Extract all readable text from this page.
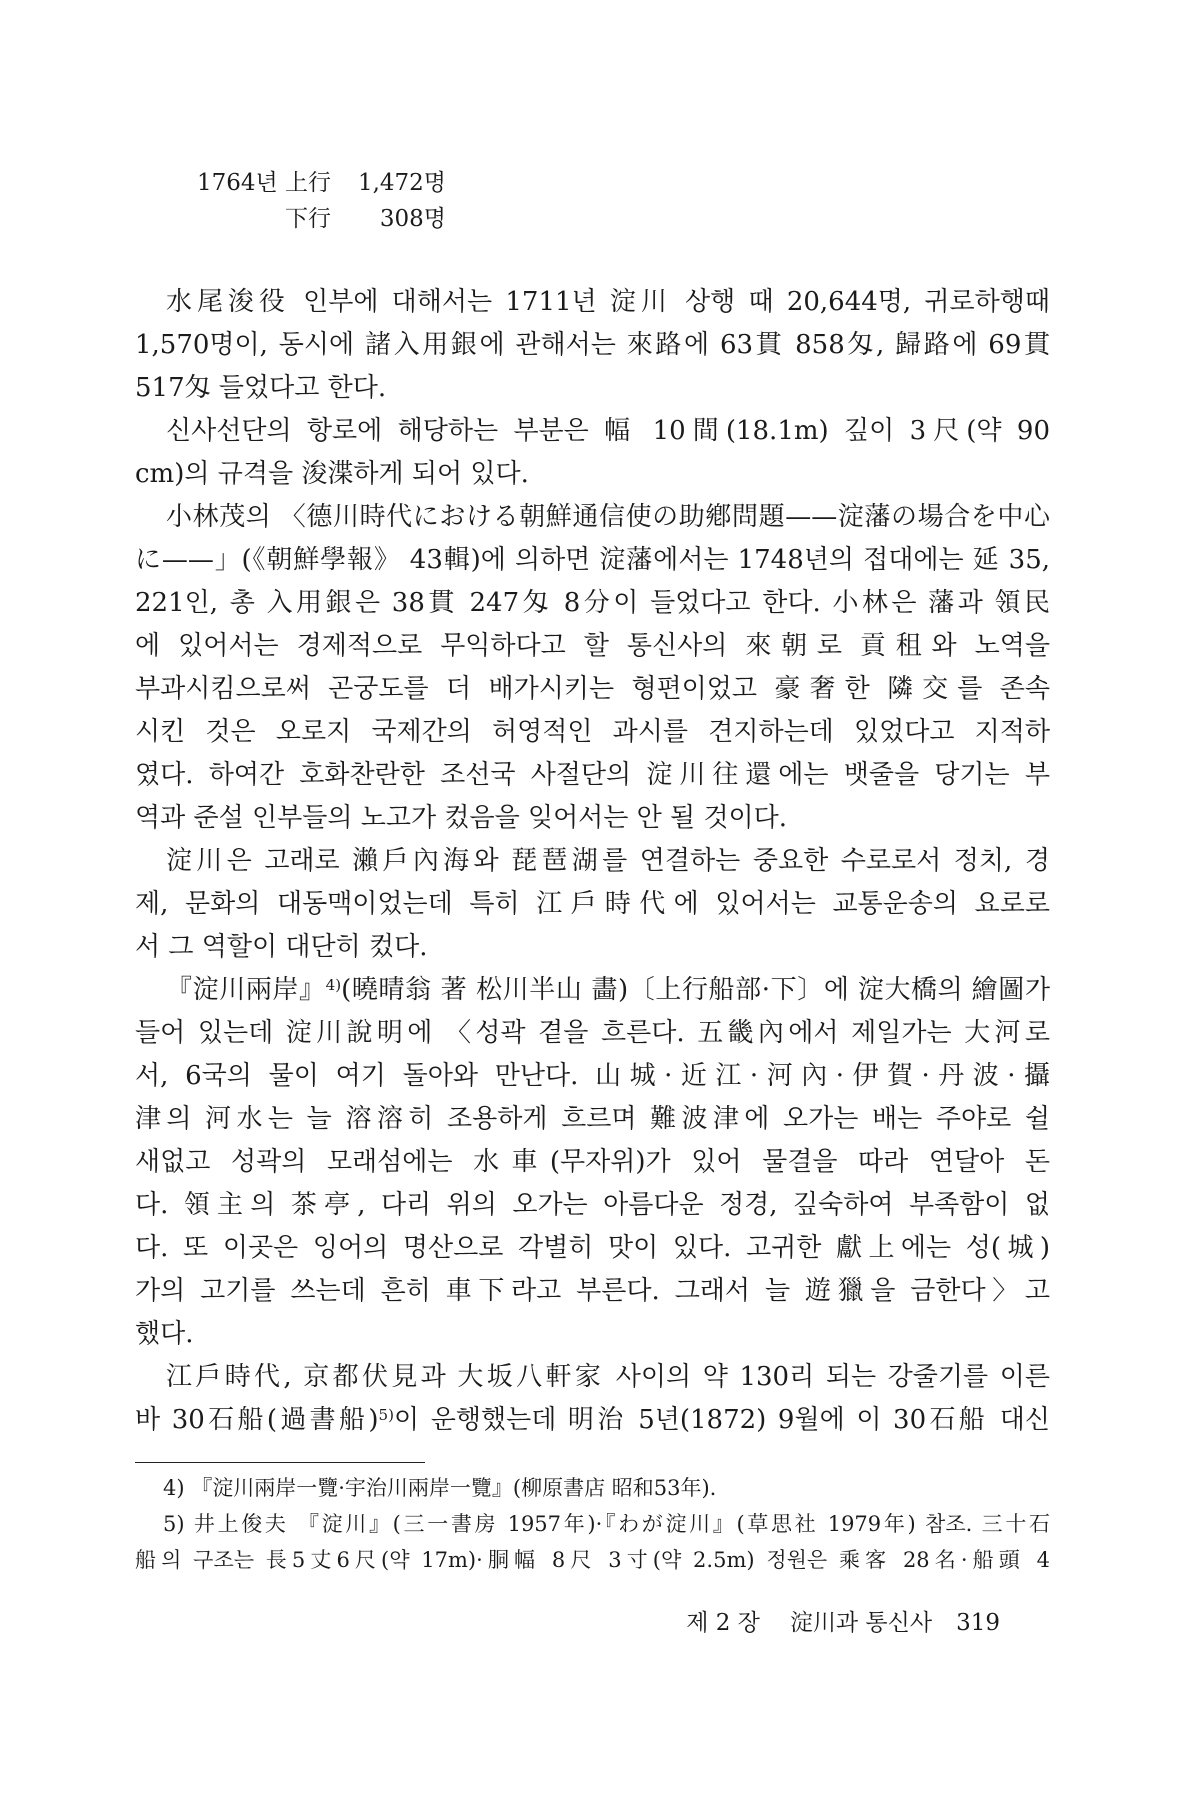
1764년 上行	1,472명
下行	308명
水尾浚役 인부에 대해서는 1711년 淀川 상행 때 20,644명, 귀로하행때
1,570명이, 동시에 諸入用銀에 관해서는 來路에 63貫 858匁, 歸路에 69貫
517匁 들었다고 한다.
신사선단의 항로에 해당하는 부분은 幅 10間(18.1m) 깊이 3尺(약 90
cm)의 규격을 浚渫하게 되어 있다.
小林茂의 〈德川時代における朝鮮通信使の助鄕問題——淀藩の場合を中心
に——」(《朝鮮學報》 43輯)에 의하면 淀藩에서는 1748년의 접대에는 延 35,
221인, 총 入用銀은 38貫 247匁 8分이 들었다고 한다. 小林은 藩과 領民
에 있어서는 경제적으로 무익하다고 할 통신사의 來朝로 貢租와 노역을
부과시킴으로써 곤궁도를 더 배가시키는 형편이었고 豪奢한 隣交를 존속
시킨 것은 오로지 국제간의 허영적인 과시를 견지하는데 있었다고 지적하
였다. 하여간 호화찬란한 조선국 사절단의 淀川往還에는 뱃줄을 당기는 부
역과 준설 인부들의 노고가 컸음을 잊어서는 안 될 것이다.
淀川은 고래로 瀨戶內海와 琵琶湖를 연결하는 중요한 수로로서 정치, 경
제, 문화의 대동맥이었는데 특히 江戶時代에 있어서는 교통운송의 요로로
서 그 역할이 대단히 컸다.
『淀川兩岸』$^{4)}$(曉晴翁 著 松川半山 畵)〔上行船部·下〕에 淀大橋의 繪圖가
들어 있는데 淀川說明에 〈성곽 곁을 흐른다. 五畿內에서 제일가는 大河로
서, 6국의 물이 여기 돌아와 만난다. 山城·近江·河內·伊賀·丹波·攝
津의 河水는 늘 溶溶히 조용하게 흐르며 難波津에 오가는 배는 주야로 쉴
새없고 성곽의 모래섬에는 水車(무자위)가 있어 물결을 따라 연달아 돈
다. 領主의 茶亭, 다리 위의 오가는 아름다운 정경, 깊숙하여 부족함이 없
다. 또 이곳은 잉어의 명산으로 각별히 맛이 있다. 고귀한 獻上에는 성(城)
가의 고기를 쓰는데 흔히 車下라고 부른다. 그래서 늘 遊獵을 금한다〉고
했다.
江戶時代, 京都伏見과 大坂八軒家 사이의 약 130리 되는 강줄기를 이른
바 30石船(過書船)$^{5)}$이 운행했는데 明治 5년(1872) 9월에 이 30石船 대신
4) 『淀川兩岸一覽·宇治川兩岸一覽』(柳原書店 昭和53年).
5) 井上俊夫 『淀川』(三一書房 1957年)·『わが淀川』(草思社 1979年) 참조. 三十石
船의 구조는 長5丈6尺(약 17m)·胴幅 8尺 3寸(약 2.5m) 정원은 乘客 28名·船頭 4
제 2 장 淀川과 통신사 319
